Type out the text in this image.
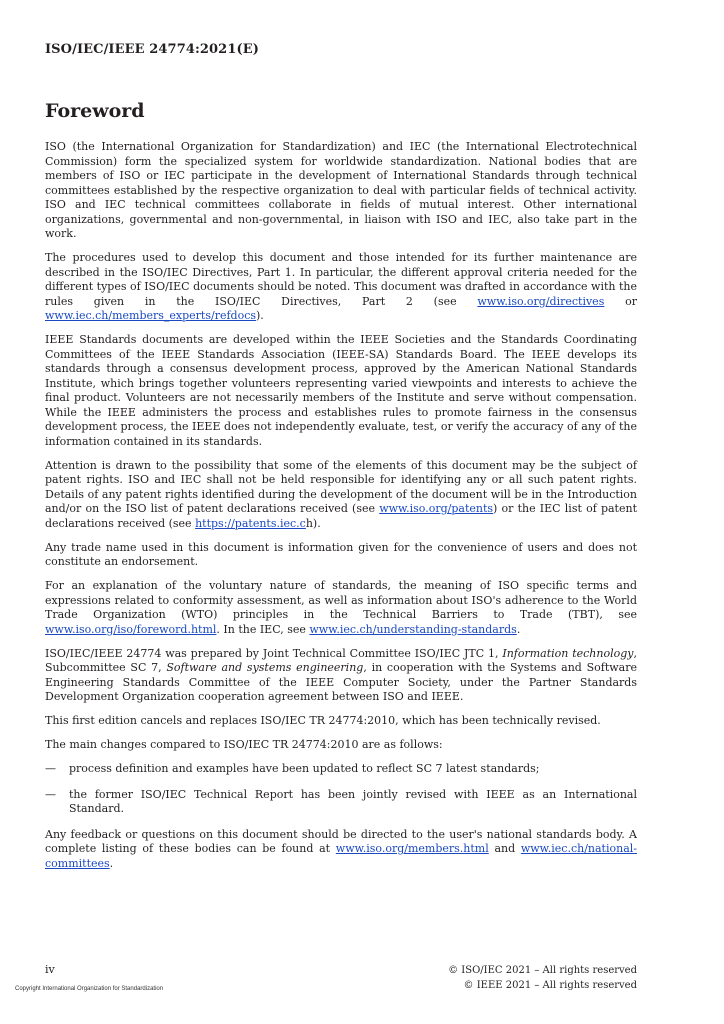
ISO/IEC/IEEE 24774:2021(E)
Foreword

ISO (the International Organization for Standardization) and IEC (the International Electrotechnical Commission) form the specialized system for worldwide standardization. National bodies that are members of ISO or IEC participate in the development of International Standards through technical committees established by the respective organization to deal with particular fields of technical activity. ISO and IEC technical committees collaborate in fields of mutual interest. Other international organizations, governmental and non-governmental, in liaison with ISO and IEC, also take part in the work.

The procedures used to develop this document and those intended for its further maintenance are described in the ISO/IEC Directives, Part 1. In particular, the different approval criteria needed for the different types of ISO/IEC documents should be noted. This document was drafted in accordance with the rules given in the ISO/IEC Directives, Part 2 (see www.iso.org/directives or www.iec.ch/members_experts/refdocs).

IEEE Standards documents are developed within the IEEE Societies and the Standards Coordinating Committees of the IEEE Standards Association (IEEE-SA) Standards Board. The IEEE develops its standards through a consensus development process, approved by the American National Standards Institute, which brings together volunteers representing varied viewpoints and interests to achieve the final product. Volunteers are not necessarily members of the Institute and serve without compensation. While the IEEE administers the process and establishes rules to promote fairness in the consensus development process, the IEEE does not independently evaluate, test, or verify the accuracy of any of the information contained in its standards.

Attention is drawn to the possibility that some of the elements of this document may be the subject of patent rights. ISO and IEC shall not be held responsible for identifying any or all such patent rights. Details of any patent rights identified during the development of the document will be in the Introduction and/or on the ISO list of patent declarations received (see www.iso.org/patents) or the IEC list of patent declarations received (see https://patents.iec.ch).

Any trade name used in this document is information given for the convenience of users and does not constitute an endorsement.

For an explanation of the voluntary nature of standards, the meaning of ISO specific terms and expressions related to conformity assessment, as well as information about ISO's adherence to the World Trade Organization (WTO) principles in the Technical Barriers to Trade (TBT), see www.iso.org/iso/foreword.html. In the IEC, see www.iec.ch/understanding-standards.

ISO/IEC/IEEE 24774 was prepared by Joint Technical Committee ISO/IEC JTC 1, Information technology, Subcommittee SC 7, Software and systems engineering, in cooperation with the Systems and Software Engineering Standards Committee of the IEEE Computer Society, under the Partner Standards Development Organization cooperation agreement between ISO and IEEE.

This first edition cancels and replaces ISO/IEC TR 24774:2010, which has been technically revised.

The main changes compared to ISO/IEC TR 24774:2010 are as follows:

—	process definition and examples have been updated to reflect SC 7 latest standards;
—	the former ISO/IEC Technical Report has been jointly revised with IEEE as an International Standard.

Any feedback or questions on this document should be directed to the user's national standards body. A complete listing of these bodies can be found at www.iso.org/members.html and www.iec.ch/national-committees.

iv	© ISO/IEC 2021 – All rights reserved
© IEEE 2021 – All rights reserved
Copyright International Organization for Standardization
